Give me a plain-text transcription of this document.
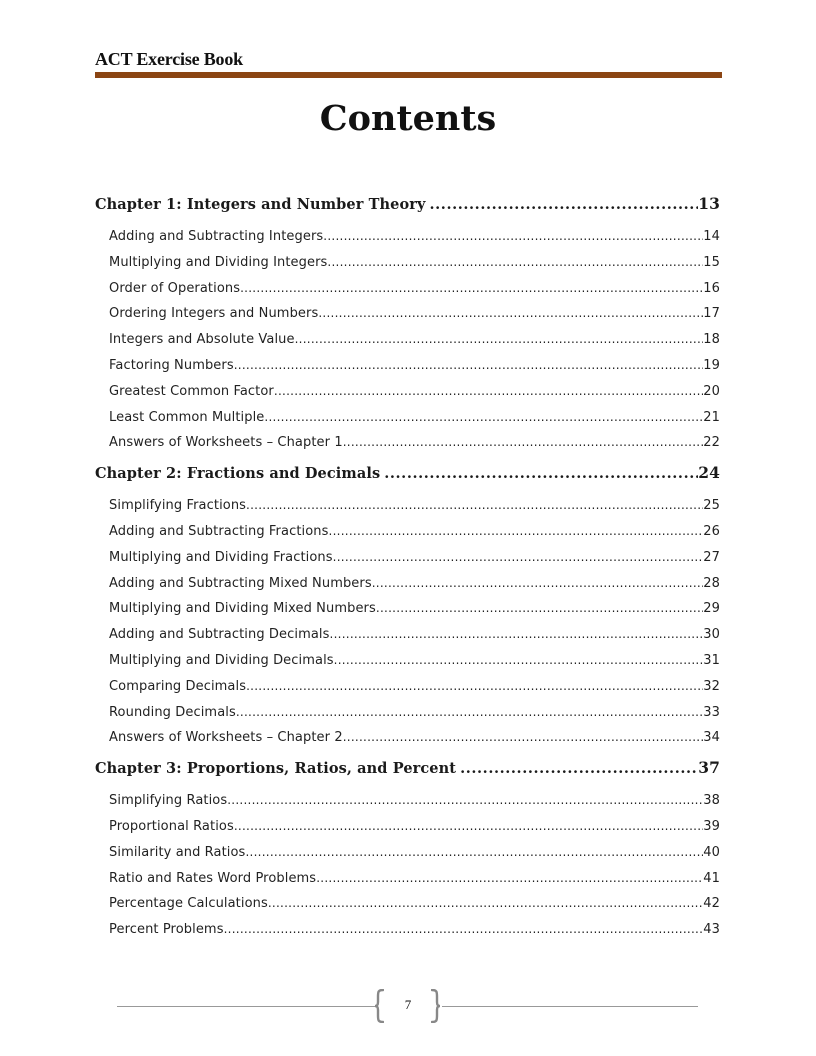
ACT Exercise Book
Contents
Chapter 1: Integers and Number Theory .....	13
Adding and Subtracting Integers .....	14
Multiplying and Dividing Integers .....	15
Order of Operations .....	16
Ordering Integers and Numbers .....	17
Integers and Absolute Value .....	18
Factoring Numbers .....	19
Greatest Common Factor .....	20
Least Common Multiple .....	21
Answers of Worksheets – Chapter 1 .....	22
Chapter 2: Fractions and Decimals .....	24
Simplifying Fractions .....	25
Adding and Subtracting Fractions .....	26
Multiplying and Dividing Fractions .....	27
Adding and Subtracting Mixed Numbers .....	28
Multiplying and Dividing Mixed Numbers .....	29
Adding and Subtracting Decimals .....	30
Multiplying and Dividing Decimals .....	31
Comparing Decimals .....	32
Rounding Decimals .....	33
Answers of Worksheets – Chapter 2 .....	34
Chapter 3: Proportions, Ratios, and Percent .....	37
Simplifying Ratios .....	38
Proportional Ratios .....	39
Similarity and Ratios .....	40
Ratio and Rates Word Problems .....	41
Percentage Calculations .....	42
Percent Problems .....	43
7
